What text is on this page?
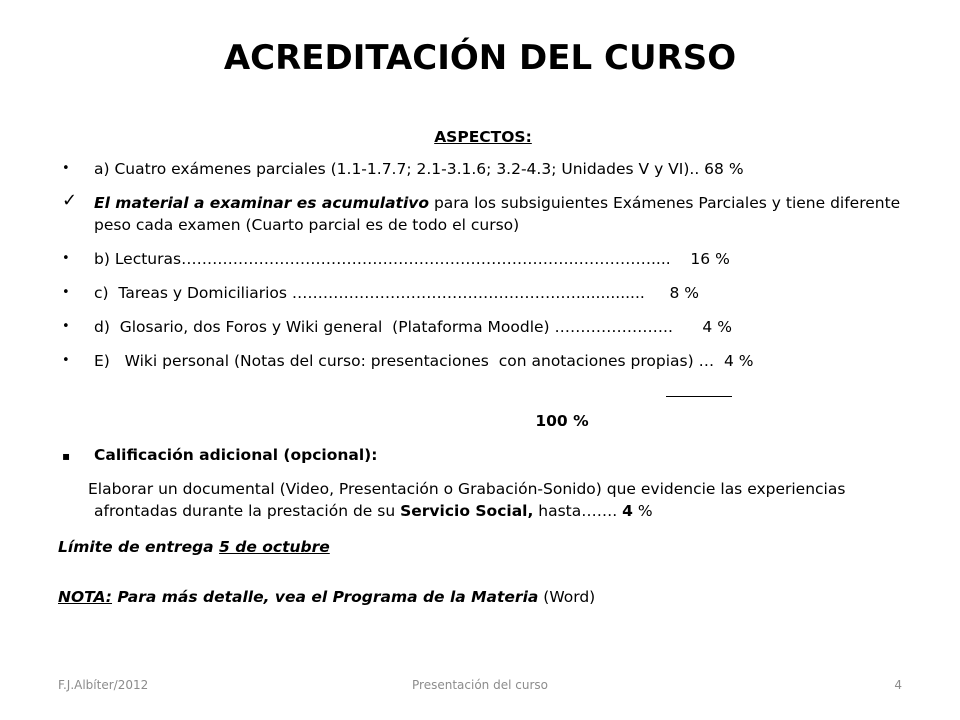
ACREDITACIÓN DEL CURSO
ASPECTOS:
•	a) Cuatro exámenes parciales (1.1-1.7.7; 2.1-3.1.6; 3.2-4.3; Unidades V y VI).. 68 %
✓	El material a examinar es acumulativo para los subsiguientes Exámenes Parciales y tiene diferente peso cada examen (Cuarto parcial es de todo el curso)
•	b) Lecturas………………………………………………………………….……………....    16 %
•	c)  Tareas y Domiciliarios …………………………………………….…..............     8 %
•	d)  Glosario, dos Foros y Wiki general  (Plataforma Moodle) …………………..      4 %
•	E)   Wiki personal (Notas del curso: presentaciones  con anotaciones propias) …  4 %
100 %
▪	Calificación adicional (opcional):
Elaborar un documental (Video, Presentación o Grabación-Sonido) que evidencie las experiencias afrontadas durante la prestación de su Servicio Social, hasta……. 4 %
Límite de entrega 5 de octubre
NOTA: Para más detalle, vea el Programa de la Materia (Word)
F.J.Albíter/2012	Presentación del curso	4
